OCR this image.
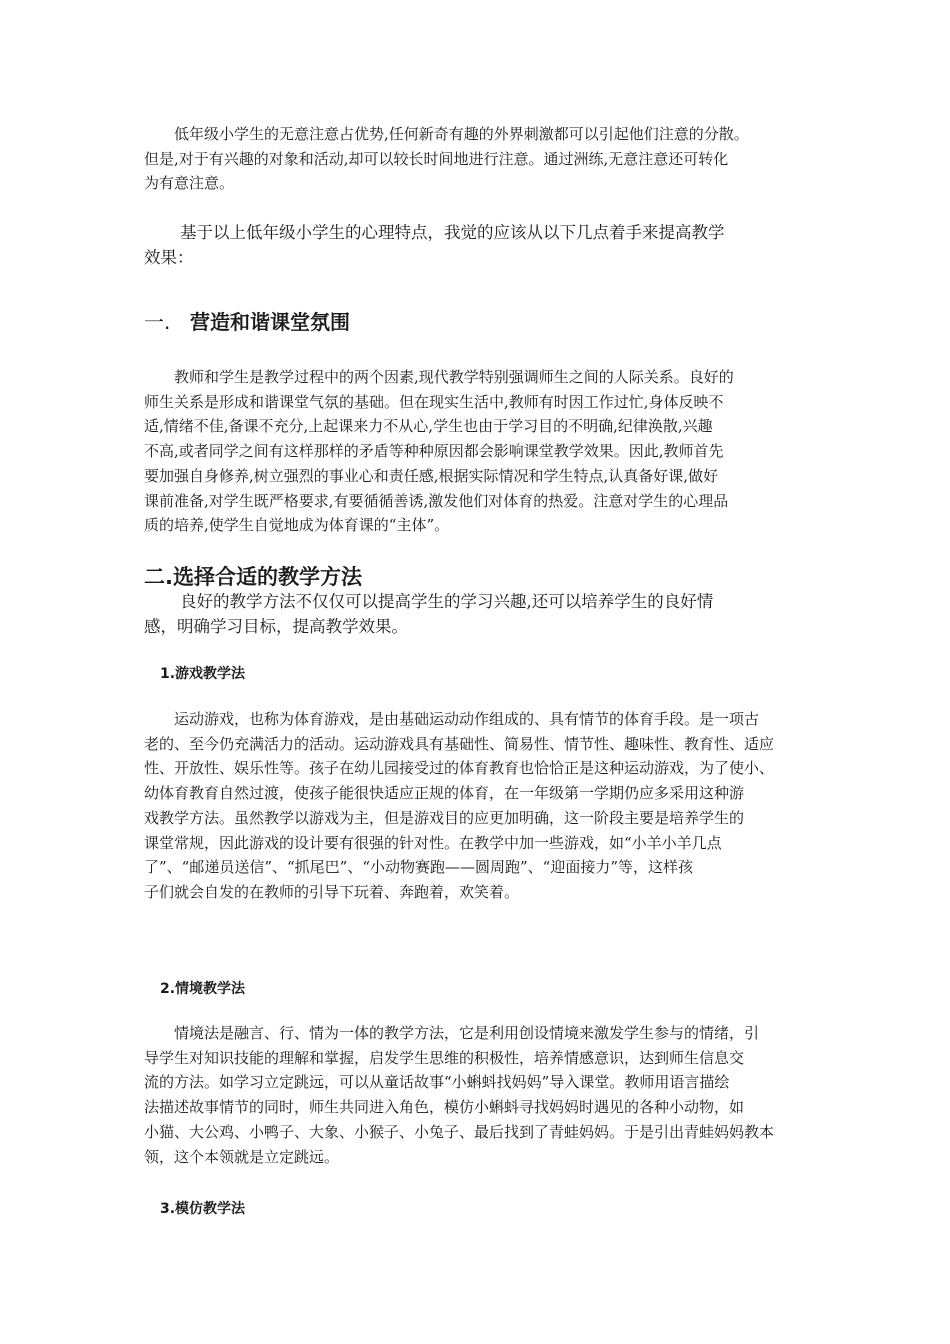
低年级小学生的无意注意占优势,任何新奇有趣的外界刺激都可以引起他们注意的分散。
但是,对于有兴趣的对象和活动,却可以较长时间地进行注意。通过洲练,无意注意还可转化
为有意注意。
基于以上低年级小学生的心理特点，我觉的应该从以下几点着手来提高教学
效果：
一. 营造和谐课堂氛围
教师和学生是教学过程中的两个因素,现代教学特别强调师生之间的人际关系。良好的
师生关系是形成和谐课堂气氛的基础。但在现实生活中,教师有时因工作过忙,身体反映不
适,情绪不佳,备课不充分,上起课来力不从心,学生也由于学习目的不明确,纪律涣散,兴趣
不高,或者同学之间有这样那样的矛盾等种种原因都会影响课堂教学效果。因此,教师首先
要加强自身修养,树立强烈的事业心和责任感,根据实际情况和学生特点,认真备好课,做好
课前准备,对学生既严格要求,有要循循善诱,激发他们对体育的热爱。注意对学生的心理品
质的培养,使学生自觉地成为体育课的“主体”。
二.选择合适的教学方法
良好的教学方法不仅仅可以提高学生的学习兴趣,还可以培养学生的良好情
感，明确学习目标，提高教学效果。
1.游戏教学法
运动游戏，也称为体育游戏，是由基础运动动作组成的、具有情节的体育手段。是一项古
老的、至今仍充满活力的活动。运动游戏具有基础性、简易性、情节性、趣味性、教育性、适应
性、开放性、娱乐性等。孩子在幼儿园接受过的体育教育也恰恰正是这种运动游戏，为了使小、
幼体育教育自然过渡，使孩子能很快适应正规的体育，在一年级第一学期仍应多采用这种游
戏教学方法。虽然教学以游戏为主，但是游戏目的应更加明确，这一阶段主要是培养学生的
课堂常规，因此游戏的设计要有很强的针对性。在教学中加一些游戏，如“小羊小羊几点
了”、“邮递员送信”、“抓尾巴”、“小动物赛跑——圆周跑”、“迎面接力”等，这样孩
子们就会自发的在教师的引导下玩着、奔跑着，欢笑着。
2.情境教学法
情境法是融言、行、情为一体的教学方法，它是利用创设情境来激发学生参与的情绪，引
导学生对知识技能的理解和掌握，启发学生思维的积极性，培养情感意识，达到师生信息交
流的方法。如学习立定跳远，可以从童话故事“小蝌蚪找妈妈”导入课堂。教师用语言描绘
法描述故事情节的同时，师生共同进入角色，模仿小蝌蚪寻找妈妈时遇见的各种小动物，如
小猫、大公鸡、小鸭子、大象、小猴子、小兔子、最后找到了青蛙妈妈。于是引出青蛙妈妈教本
领，这个本领就是立定跳远。
3.模仿教学法
